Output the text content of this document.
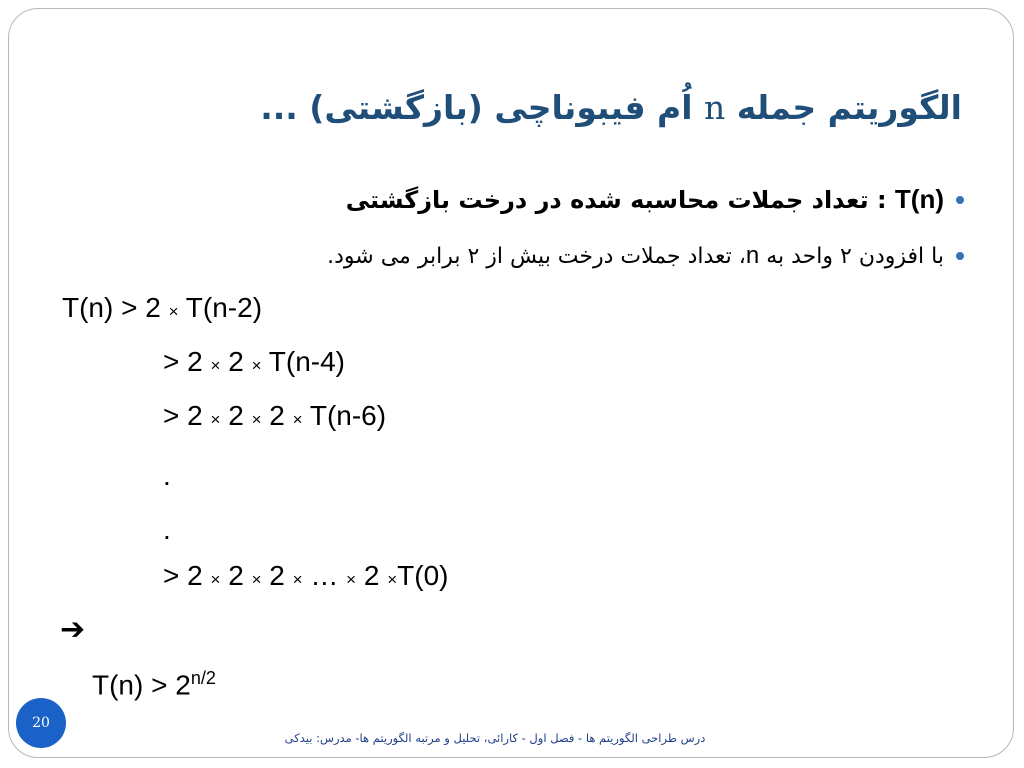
الگوریتم جمله n اُم فیبوناچی (بازگشتی) ...
T(n) : تعداد جملات محاسبه شده در درخت بازگشتی
با افزودن ۲ واحد به n، تعداد جملات درخت بیش از ۲ برابر می شود.
T(n) > 2 × T(n-2)
> 2 × 2 × T(n-4)
> 2 × 2 × 2 × T(n-6)
.
.
> 2 × 2 × 2 × … × 2 ×T(0)
➔
$T(n) > 2^{n/2}$
20
درس طراحی الگوریتم ها - فصل اول - کارائی، تحلیل و مرتبه الگوریتم ها- مدرس: بیدکی
